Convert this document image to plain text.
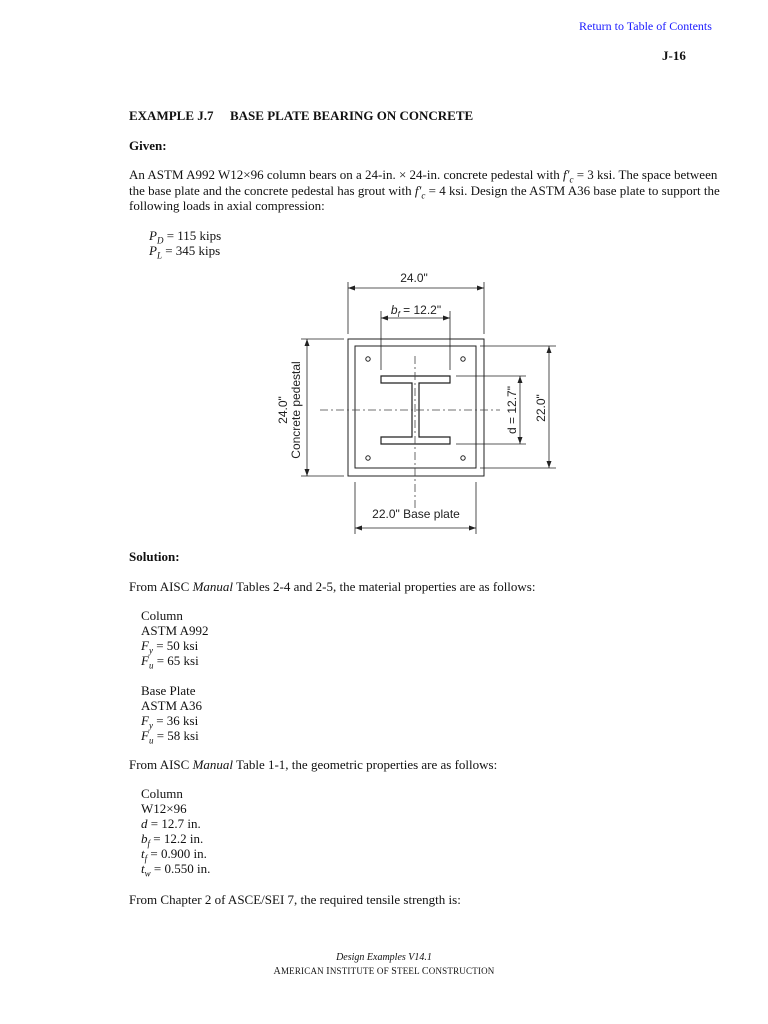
Return to Table of Contents
J-16
EXAMPLE J.7 BASE PLATE BEARING ON CONCRETE
Given:
An ASTM A992 W12×96 column bears on a 24-in. × 24-in. concrete pedestal with $f'_c = 3$ ksi. The space between
the base plate and the concrete pedestal has grout with $f'_c = 4$ ksi. Design the ASTM A36 base plate to support the
following loads in axial compression:
$P_D = 115$ kips
$P_L = 345$ kips
24.0"
$b_f = 12.2$"
24.0" Concrete pedestal	d = 12.7" 22.0"
22.0" Base plate
Solution:
From AISC Manual Tables 2-4 and 2-5, the material properties are as follows:
Column
ASTM A992
$F_y = 50$ ksi
$F_u = 65$ ksi
Base Plate
ASTM A36
$F_y = 36$ ksi
$F_u = 58$ ksi
From AISC Manual Table 1-1, the geometric properties are as follows:
Column
W12×96
d = 12.7 in.
$b_f = 12.2$ in.
$t_f = 0.900$ in.
$t_w = 0.550$ in.
From Chapter 2 of ASCE/SEI 7, the required tensile strength is:
Design Examples V14.1
AMERICAN INSTITUTE OF STEEL CONSTRUCTION
